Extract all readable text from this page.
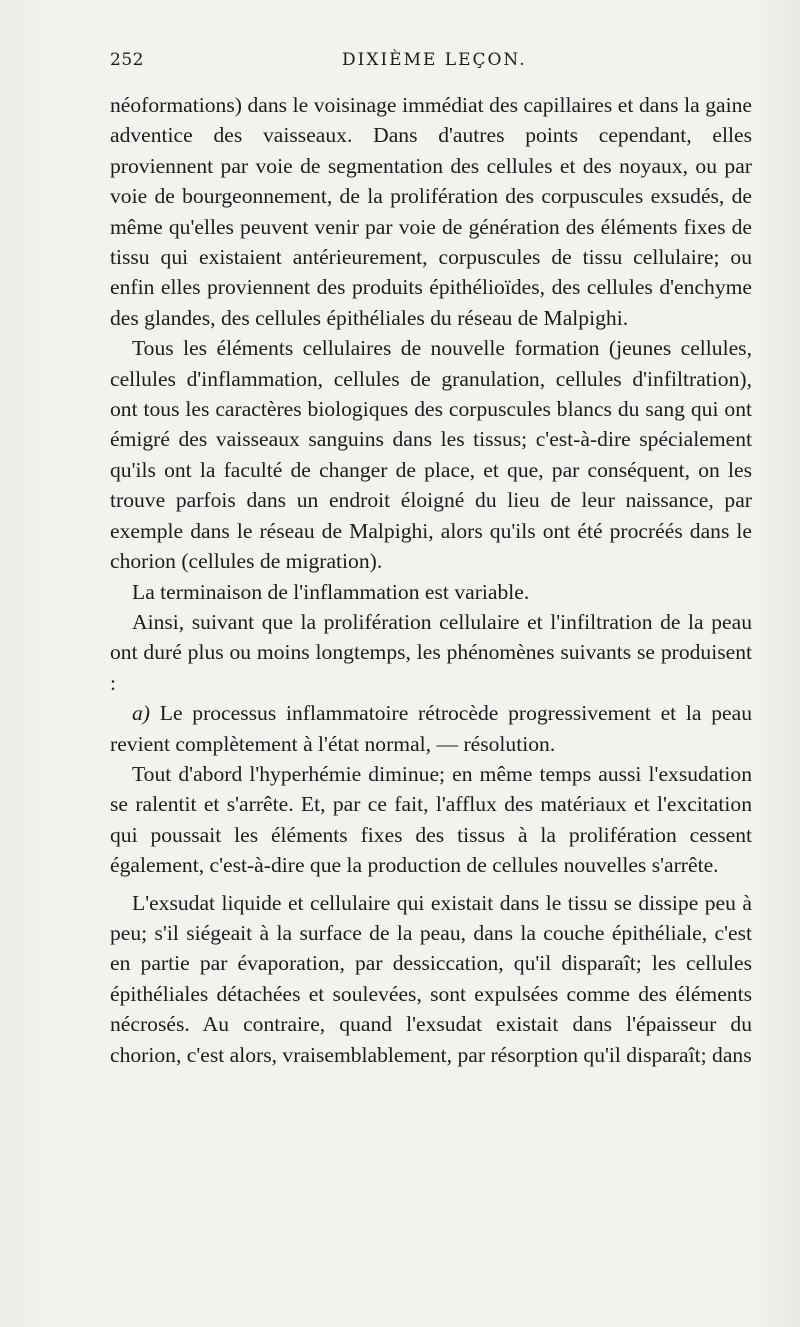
252	DIXIÈME LEÇON.

néoformations) dans le voisinage immédiat des capillaires et dans la gaine adventice des vaisseaux. Dans d'autres points cependant, elles proviennent par voie de segmentation des cellules et des noyaux, ou par voie de bourgeonnement, de la prolifération des corpuscules exsudés, de même qu'elles peuvent venir par voie de génération des éléments fixes de tissu qui existaient antérieurement, corpuscules de tissu cellulaire; ou enfin elles proviennent des produits épithélioïdes, des cellules d'enchyme des glandes, des cellules épithéliales du réseau de Malpighi.

Tous les éléments cellulaires de nouvelle formation (jeunes cellules, cellules d'inflammation, cellules de granulation, cellules d'infiltration), ont tous les caractères biologiques des corpuscules blancs du sang qui ont émigré des vaisseaux sanguins dans les tissus; c'est-à-dire spécialement qu'ils ont la faculté de changer de place, et que, par conséquent, on les trouve parfois dans un endroit éloigné du lieu de leur naissance, par exemple dans le réseau de Malpighi, alors qu'ils ont été procréés dans le chorion (cellules de migration).

La terminaison de l'inflammation est variable.

Ainsi, suivant que la prolifération cellulaire et l'infiltration de la peau ont duré plus ou moins longtemps, les phénomènes suivants se produisent :

a) Le processus inflammatoire rétrocède progressivement et la peau revient complètement à l'état normal, — résolution.

Tout d'abord l'hyperhémie diminue; en même temps aussi l'exsudation se ralentit et s'arrête. Et, par ce fait, l'afflux des matériaux et l'excitation qui poussait les éléments fixes des tissus à la prolifération cessent également, c'est-à-dire que la production de cellules nouvelles s'arrête.

L'exsudat liquide et cellulaire qui existait dans le tissu se dissipe peu à peu; s'il siégeait à la surface de la peau, dans la couche épithéliale, c'est en partie par évaporation, par dessiccation, qu'il disparaît; les cellules épithéliales détachées et soulevées, sont expulsées comme des éléments nécrosés. Au contraire, quand l'exsudat existait dans l'épaisseur du chorion, c'est alors, vraisemblablement, par résorption qu'il disparaît; dans
